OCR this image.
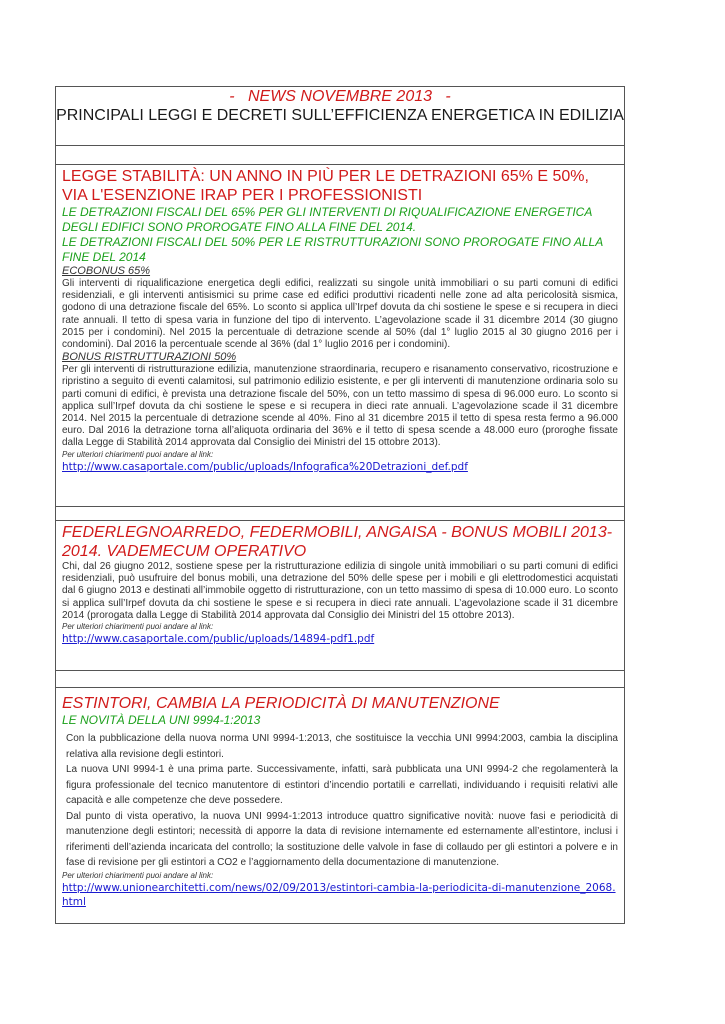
-   NEWS NOVEMBRE 2013   -
PRINCIPALI LEGGI E DECRETI SULL’EFFICIENZA ENERGETICA IN EDILIZIA
LEGGE STABILITÀ: UN ANNO IN PIÙ PER LE DETRAZIONI 65% E 50%, VIA L'ESENZIONE IRAP PER I PROFESSIONISTI
LE DETRAZIONI FISCALI DEL 65% PER GLI INTERVENTI DI RIQUALIFICAZIONE ENERGETICA DEGLI EDIFICI SONO PROROGATE FINO ALLA FINE DEL 2014.
LE DETRAZIONI FISCALI DEL 50% PER LE RISTRUTTURAZIONI SONO PROROGATE FINO ALLA FINE DEL 2014
ECOBONUS 65%
Gli interventi di riqualificazione energetica degli edifici, realizzati su singole unità immobiliari o su parti comuni di edifici residenziali, e gli interventi antisismici su prime case ed edifici produttivi ricadenti nelle zone ad alta pericolosità sismica, godono di una detrazione fiscale del 65%. Lo sconto si applica ull’Irpef dovuta da chi sostiene le spese e si recupera in dieci rate annuali. Il tetto di spesa varia in funzione del tipo di intervento. L’agevolazione scade il 31 dicembre 2014 (30 giugno 2015 per i condomini). Nel 2015 la percentuale di detrazione scende al 50% (dal 1° luglio 2015 al 30 giugno 2016 per i condomini). Dal 2016 la percentuale scende al 36% (dal 1° luglio 2016 per i condomini).
BONUS RISTRUTTURAZIONI 50%
Per gli interventi di ristrutturazione edilizia, manutenzione straordinaria, recupero e risanamento conservativo, ricostruzione e ripristino a seguito di eventi calamitosi, sul patrimonio edilizio esistente, e per gli interventi di manutenzione ordinaria solo su parti comuni di edifici, è prevista una detrazione fiscale del 50%, con un tetto massimo di spesa di 96.000 euro. Lo sconto si applica sull’Irpef dovuta da chi sostiene le spese e si recupera in dieci rate annuali. L’agevolazione scade il 31 dicembre 2014. Nel 2015 la percentuale di detrazione scende al 40%. Fino al 31 dicembre 2015 il tetto di spesa resta fermo a 96.000 euro. Dal 2016 la detrazione torna all’aliquota ordinaria del 36% e il tetto di spesa scende a 48.000 euro (proroghe fissate dalla Legge di Stabilità 2014 approvata dal Consiglio dei Ministri del 15 ottobre 2013).
Per ulteriori chiarimenti puoi andare al link:
http://www.casaportale.com/public/uploads/Infografica%20Detrazioni_def.pdf
FEDERLEGNOARREDO, FEDERMOBILI, ANGAISA - BONUS MOBILI 2013-2014. VADEMECUM OPERATIVO
Chi, dal 26 giugno 2012, sostiene spese per la ristrutturazione edilizia di singole unità immobiliari o su parti comuni di edifici residenziali, può usufruire del bonus mobili, una detrazione del 50% delle spese per i mobili e gli elettrodomestici acquistati dal 6 giugno 2013 e destinati all’immobile oggetto di ristrutturazione, con un tetto massimo di spesa di 10.000 euro. Lo sconto si applica sull’Irpef dovuta da chi sostiene le spese e si recupera in dieci rate annuali. L’agevolazione scade il 31 dicembre 2014 (prorogata dalla Legge di Stabilità 2014 approvata dal Consiglio dei Ministri del 15 ottobre 2013).
Per ulteriori chiarimenti puoi andare al link:
http://www.casaportale.com/public/uploads/14894-pdf1.pdf
ESTINTORI, CAMBIA LA PERIODICITÀ DI MANUTENZIONE
LE NOVITÀ DELLA UNI 9994-1:2013
Con la pubblicazione della nuova norma UNI 9994-1:2013, che sostituisce la vecchia UNI 9994:2003, cambia la disciplina relativa alla revisione degli estintori.
La nuova UNI 9994-1 è una prima parte. Successivamente, infatti, sarà pubblicata una UNI 9994-2 che regolamenterà la figura professionale del tecnico manutentore di estintori d’incendio portatili e carrellati, individuando i requisiti relativi alle capacità e alle competenze che deve possedere.
Dal punto di vista operativo, la nuova UNI 9994-1:2013 introduce quattro significative novità: nuove fasi e periodicità di manutenzione degli estintori; necessità di apporre la data di revisione internamente ed esternamente all’estintore, inclusi i riferimenti dell’azienda incaricata del controllo; la sostituzione delle valvole in fase di collaudo per gli estintori a polvere e in fase di revisione per gli estintori a CO2 e l’aggiornamento della documentazione di manutenzione.
Per ulteriori chiarimenti puoi andare al link:
http://www.unionearchitetti.com/news/02/09/2013/estintori-cambia-la-periodicita-di-manutenzione_2068.html
